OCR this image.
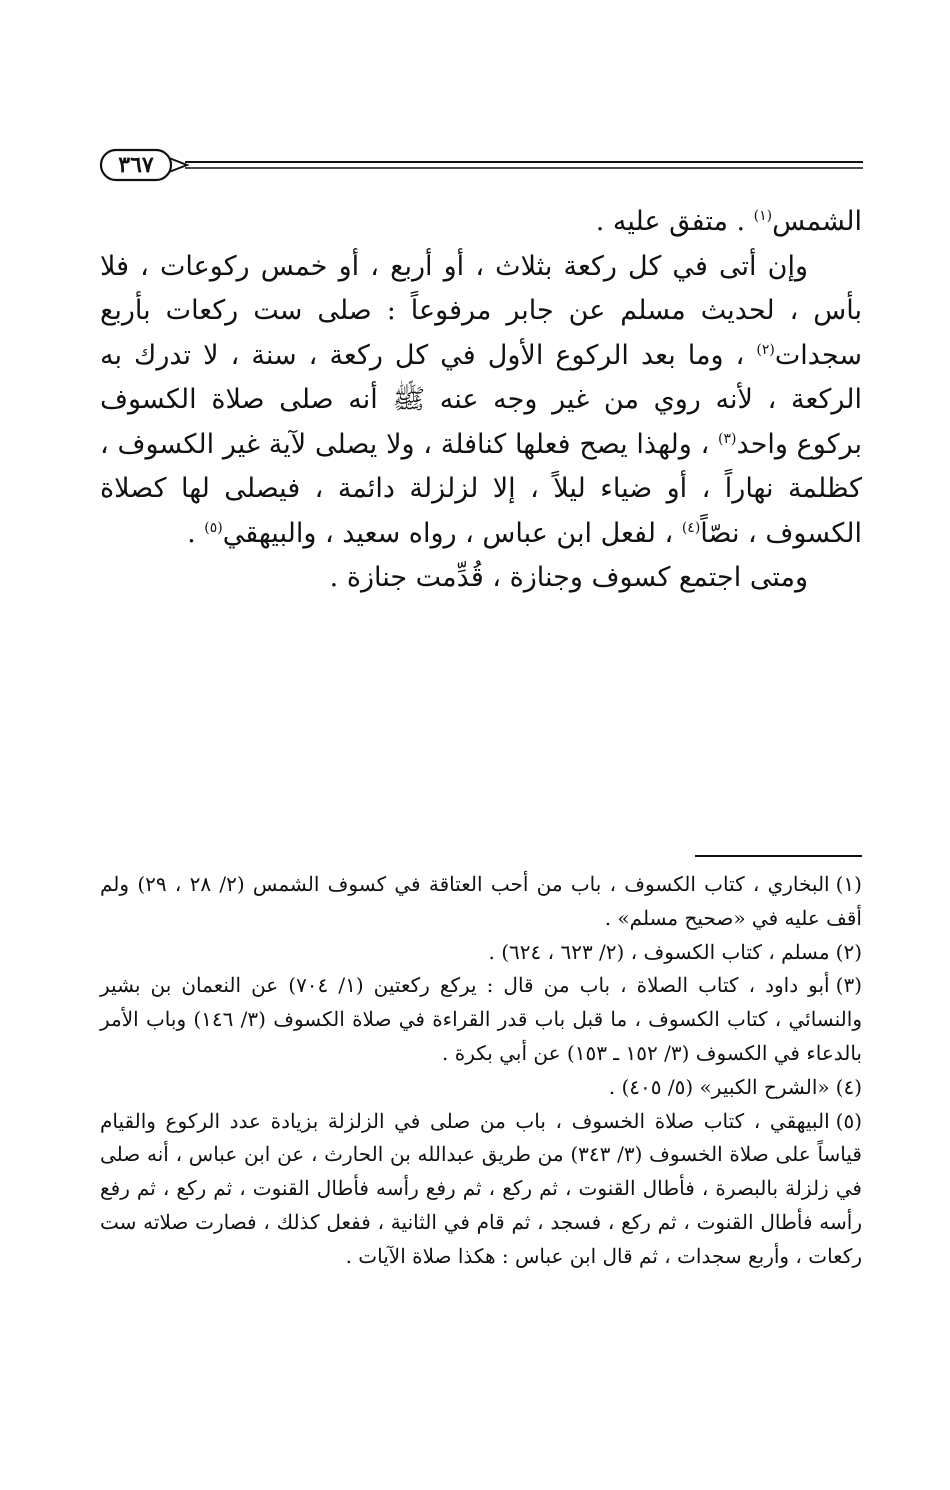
٣٦٧

الشمس$^{(١)}$ . متفق عليه .

وإن أتى في كل ركعة بثلاث ، أو أربع ، أو خمس ركوعات ، فلا بأس ، لحديث مسلم عن جابر مرفوعاً : صلى ست ركعات بأربع سجدات$^{(٢)}$ ، وما بعد الركوع الأول في كل ركعة ، سنة ، لا تدرك به الركعة ، لأنه روي من غير وجه عنه ﷺ أنه صلى صلاة الكسوف بركوع واحد$^{(٣)}$ ، ولهذا يصح فعلها كنافلة ، ولا يصلى لآية غير الكسوف ، كظلمة نهاراً ، أو ضياء ليلاً ، إلا لزلزلة دائمة ، فيصلى لها كصلاة الكسوف ، نصّاً$^{(٤)}$ ، لفعل ابن عباس ، رواه سعيد ، والبيهقي$^{(٥)}$ .

ومتى اجتمع كسوف وجنازة ، قُدِّمت جنازة .

(١)البخاري ، كتاب الكسوف ، باب من أحب العتاقة في كسوف الشمس (٢/ ٢٨ ، ٢٩) ولم أقف عليه في «صحيح مسلم» .

(٢)مسلم ، كتاب الكسوف ، (٢/ ٦٢٣ ، ٦٢٤) .

(٣)أبو داود ، كتاب الصلاة ، باب من قال : يركع ركعتين (١/ ٧٠٤) عن النعمان بن بشير والنسائي ، كتاب الكسوف ، ما قبل باب قدر القراءة في صلاة الكسوف (٣/ ١٤٦) وباب الأمر بالدعاء في الكسوف (٣/ ١٥٢ ـ ١٥٣) عن أبي بكرة .

(٤)«الشرح الكبير» (٥/ ٤٠٥) .

(٥)البيهقي ، كتاب صلاة الخسوف ، باب من صلى في الزلزلة بزيادة عدد الركوع والقيام قياساً على صلاة الخسوف (٣/ ٣٤٣) من طريق عبدالله بن الحارث ، عن ابن عباس ، أنه صلى في زلزلة بالبصرة ، فأطال القنوت ، ثم ركع ، ثم رفع رأسه فأطال القنوت ، ثم ركع ، ثم رفع رأسه فأطال القنوت ، ثم ركع ، فسجد ، ثم قام في الثانية ، ففعل كذلك ، فصارت صلاته ست ركعات ، وأربع سجدات ، ثم قال ابن عباس : هكذا صلاة الآيات .
